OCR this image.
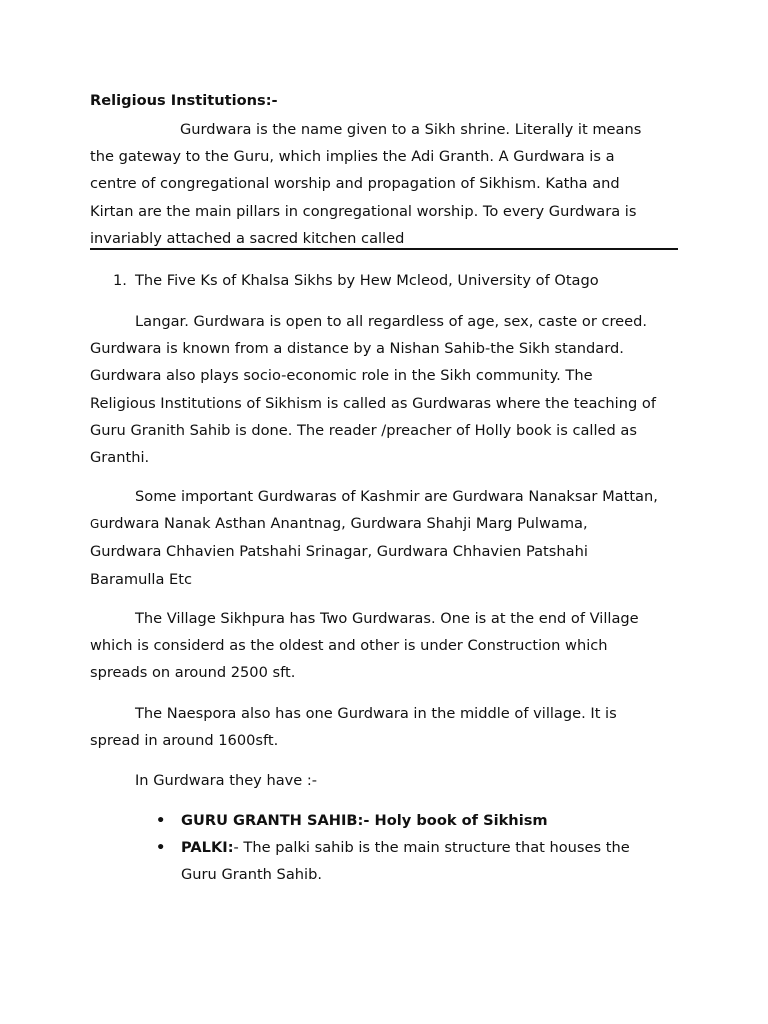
Religious Institutions:-

Gurdwara is the name given to a Sikh shrine. Literally it means
the gateway to the Guru, which implies the Adi Granth. A Gurdwara is a
centre of congregational worship and propagation of Sikhism. Katha and
Kirtan are the main pillars in congregational worship. To every Gurdwara is
invariably attached a sacred kitchen called

1. The Five Ks of Khalsa Sikhs by Hew Mcleod, University of Otago

Langar. Gurdwara is open to all regardless of age, sex, caste or creed.
Gurdwara is known from a distance by a Nishan Sahib-the Sikh standard.
Gurdwara also plays socio-economic role in the Sikh community. The
Religious Institutions of Sikhism is called as Gurdwaras where the teaching of
Guru Granith Sahib is done. The reader /preacher of Holly book is called as
Granthi.

Some important Gurdwaras of Kashmir are Gurdwara Nanaksar Mattan,
Gurdwara Nanak Asthan Anantnag, Gurdwara Shahji Marg Pulwama,
Gurdwara Chhavien Patshahi Srinagar, Gurdwara Chhavien Patshahi
Baramulla Etc

The Village Sikhpura has Two Gurdwaras. One is at the end of Village
which is considerd as the oldest and other is under Construction which
spreads on around 2500 sft.

The Naespora also has one Gurdwara in the middle of village. It is
spread in around 1600sft.

In Gurdwara they have :-

• GURU GRANTH SAHIB:- Holy book of Sikhism
• PALKI:- The palki sahib is the main structure that houses the
Guru Granth Sahib.
